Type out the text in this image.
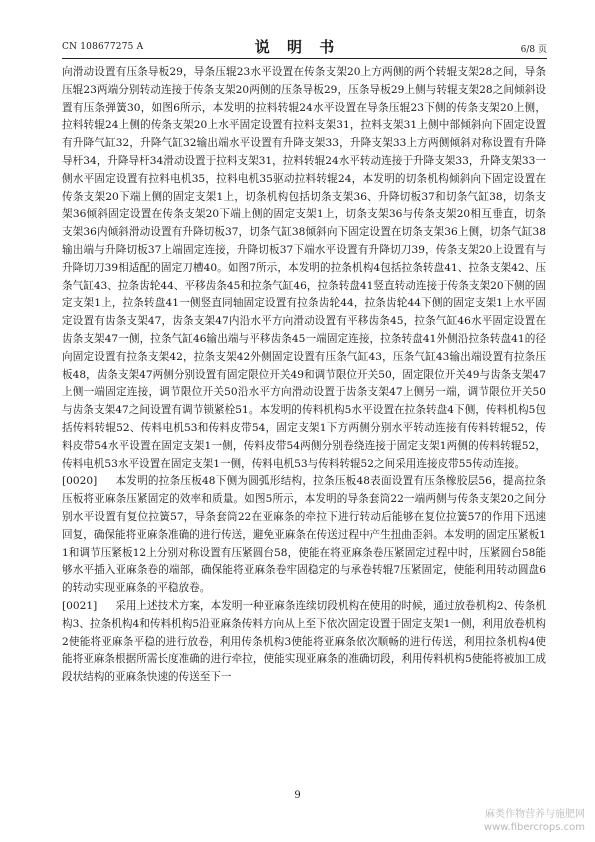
CN 108677275 A	说 明 书	6/8 页

向滑动设置有压条导板29，导条压辊23水平设置在传条支架20上方两侧的两个转辊支架28之间，导条压辊23两端分别转动连接于传条支架20两侧的压条导板29，压条导板29上侧与转辊支架28之间倾斜设置有压条弹簧30，如图6所示，本发明的拉料转辊24水平设置在导条压辊23下侧的传条支架20上侧，拉料转辊24上侧的传条支架20上水平固定设置有拉料支架31，拉料支架31上侧中部倾斜向下固定设置有升降气缸32，升降气缸32输出端水平设置有升降支架33，升降支架33上方两侧倾斜对称设置有升降导杆34，升降导杆34滑动设置于拉料支架31，拉料转辊24水平转动连接于升降支架33，升降支架33一侧水平固定设置有拉料电机35，拉料电机35驱动拉料转辊24，本发明的切条机构倾斜向下固定设置在传条支架20下端上侧的固定支架1上，切条机构包括切条支架36、升降切板37和切条气缸38，切条支架36倾斜固定设置在传条支架20下端上侧的固定支架1上，切条支架36与传条支架20相互垂直，切条支架36内倾斜滑动设置有升降切板37，切条气缸38倾斜向下固定设置在切条支架36上侧，切条气缸38输出端与升降切板37上端固定连接，升降切板37下端水平设置有升降切刀39，传条支架20上设置有与升降切刀39相适配的固定刀槽40。如图7所示，本发明的拉条机构4包括拉条转盘41、拉条支架42、压条气缸43、拉条齿轮44、平移齿条45和拉条气缸46，拉条转盘41竖直转动连接于传条支架20下侧的固定支架1上，拉条转盘41一侧竖直同轴固定设置有拉条齿轮44，拉条齿轮44下侧的固定支架1上水平固定设置有齿条支架47，齿条支架47内沿水平方向滑动设置有平移齿条45，拉条气缸46水平固定设置在齿条支架47一侧，拉条气缸46输出端与平移齿条45一端固定连接，拉条转盘41外侧沿拉条转盘41的径向固定设置有拉条支架42，拉条支架42外侧固定设置有压条气缸43，压条气缸43输出端设置有拉条压板48，齿条支架47两侧分别设置有固定限位开关49和调节限位开关50，固定限位开关49与齿条支架47上侧一端固定连接，调节限位开关50沿水平方向滑动设置于齿条支架47上侧另一端，调节限位开关50与齿条支架47之间设置有调节锁紧栓51。本发明的传料机构5水平设置在拉条转盘4下侧，传料机构5包括传料转辊52、传料电机53和传料皮带54，固定支架1下方两侧分别水平转动连接有传料转辊52，传料皮带54水平设置在固定支架1一侧，传料皮带54两侧分别卷绕连接于固定支架1两侧的传料转辊52，传料电机53水平设置在固定支架1一侧，传料电机53与传料转辊52之间采用连接皮带55传动连接。

[0020] 本发明的拉条压板48下侧为圆弧形结构，拉条压板48表面设置有压条橡胶层56，提高拉条压板将亚麻条压紧固定的效率和质量。如图5所示，本发明的导条套筒22一端两侧与传条支架20之间分别水平设置有复位拉簧57，导条套筒22在亚麻条的牵拉下进行转动后能够在复位拉簧57的作用下迅速回复，确保能将亚麻条准确的进行传送，避免亚麻条在传送过程中产生扭曲歪斜。本发明的固定压紧板11和调节压紧板12上分别对称设置有压紧圆台58，使能在将亚麻条卷压紧固定过程中时，压紧圆台58能够水平插入亚麻条卷的端部，确保能将亚麻条卷牢固稳定的与承卷转辊7压紧固定，使能利用转动圆盘6的转动实现亚麻条的平稳放卷。

[0021] 采用上述技术方案，本发明一种亚麻条连续切段机构在使用的时候，通过放卷机构2、传条机构3、拉条机构4和传料机构5沿亚麻条传料方向从上至下依次固定设置于固定支架1一侧，利用放卷机构2使能将亚麻条平稳的进行放卷，利用传条机构3使能将亚麻条依次顺畅的进行传送，利用拉条机构4使能将亚麻条根据所需长度准确的进行牵拉，使能实现亚麻条的准确切段，利用传料机构5使能将被加工成段状结构的亚麻条快速的传送至下一

9
麻类作物营养与施肥网
www.fibercrops.com
